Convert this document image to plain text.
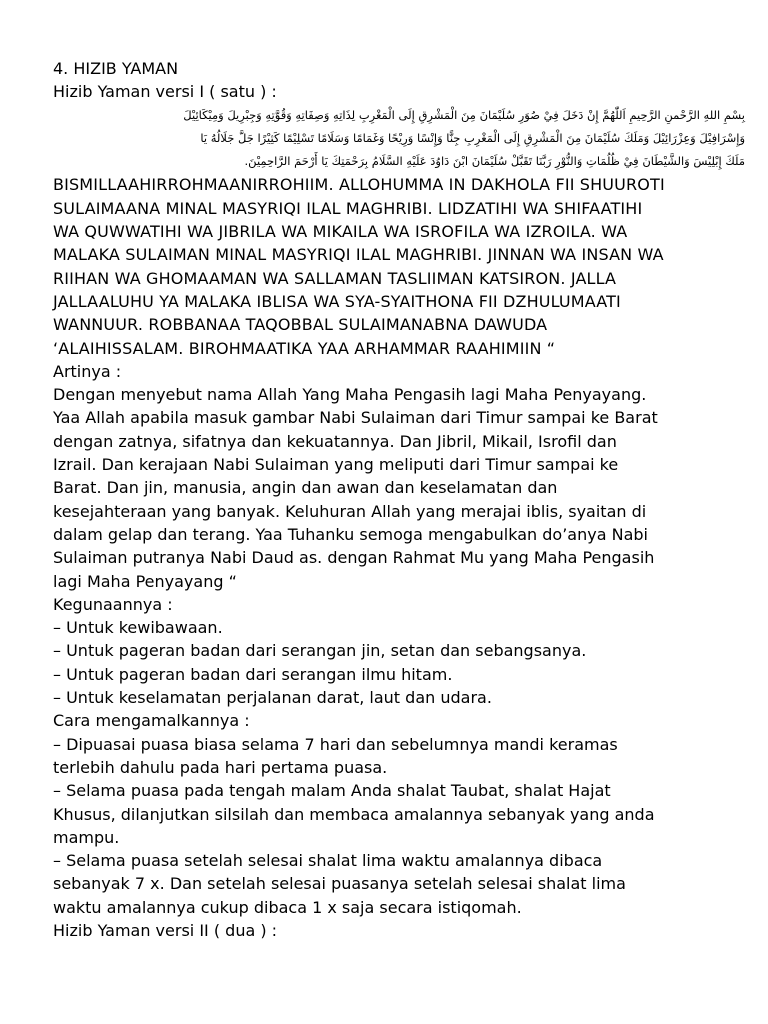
4. HIZIB YAMAN
Hizib Yaman versi I ( satu ) :
بِسْمِ اللهِ الرَّحْمنِ الرَّحِيمِ اَللّٰهُمَّ إِنْ دَخَلَ فِيْ صُوَرِ سُلَيْمَانَ مِنَ الْمَشْرِقِ إِلَى الْمَغْرِبِ لِذَاتِهِ وَصِفَاتِهِ وَقُوَّتِهِ وَجِبْرِيلَ وَمِيْكَائِيْلَ
وَإِسْرَافِيْلَ وَعِزْرَائِيْلَ وَمَلَكَ سُلَيْمَانَ مِنَ الْمَشْرِقِ إِلَى الْمَغْرِبِ جِنًّا وَإِنْسًا وَرِيْحًا وَغَمَامًا وَسَلَامًا تَسْلِيْمًا كَثِيْرًا جَلَّ جَلَالُهُ يَا
مَلَكَ إِبْلِيْسَ وَالشَّيْطَانَ فِيْ ظُلُمَاتِ وَالنُّوْرِ رَبَّنَا تَقَبَّلْ سُلَيْمَانَ ابْنَ دَاوُدَ عَلَيْهِ السَّلَامُ بِرَحْمَتِكَ يَا أَرْحَمَ الرَّاحِمِيْنَ.
BISMILLAAHIRROHMAANIRROHIIM. ALLOHUMMA IN DAKHOLA FII SHUUROTI
SULAIMAANA MINAL MASYRIQI ILAL MAGHRIBI. LIDZATIHI WA SHIFAATIHI
WA QUWWATIHI WA JIBRILA WA MIKAILA WA ISROFILA WA IZROILA. WA
MALAKA SULAIMAN MINAL MASYRIQI ILAL MAGHRIBI. JINNAN WA INSAN WA
RIIHAN WA GHOMAAMAN WA SALLAMAN TASLIIMAN KATSIRON. JALLA
JALLAALUHU YA MALAKA IBLISA WA SYA-SYAITHONA FII DZHULUMAATI
WANNUUR. ROBBANAA TAQOBBAL SULAIMANABNA DAWUDA
‘ALAIHISSALAM. BIROHMAATIKA YAA ARHAMMAR RAAHIMIIN “
Artinya :
Dengan menyebut nama Allah Yang Maha Pengasih lagi Maha Penyayang.
Yaa Allah apabila masuk gambar Nabi Sulaiman dari Timur sampai ke Barat
dengan zatnya, sifatnya dan kekuatannya. Dan Jibril, Mikail, Isrofil dan
Izrail. Dan kerajaan Nabi Sulaiman yang meliputi dari Timur sampai ke
Barat. Dan jin, manusia, angin dan awan dan keselamatan dan
kesejahteraan yang banyak. Keluhuran Allah yang merajai iblis, syaitan di
dalam gelap dan terang. Yaa Tuhanku semoga mengabulkan do’anya Nabi
Sulaiman putranya Nabi Daud as. dengan Rahmat Mu yang Maha Pengasih
lagi Maha Penyayang “
Kegunaannya :
– Untuk kewibawaan.
– Untuk pageran badan dari serangan jin, setan dan sebangsanya.
– Untuk pageran badan dari serangan ilmu hitam.
– Untuk keselamatan perjalanan darat, laut dan udara.
Cara mengamalkannya :
– Dipuasai puasa biasa selama 7 hari dan sebelumnya mandi keramas
terlebih dahulu pada hari pertama puasa.
– Selama puasa pada tengah malam Anda shalat Taubat, shalat Hajat
Khusus, dilanjutkan silsilah dan membaca amalannya sebanyak yang anda
mampu.
– Selama puasa setelah selesai shalat lima waktu amalannya dibaca
sebanyak 7 x. Dan setelah selesai puasanya setelah selesai shalat lima
waktu amalannya cukup dibaca 1 x saja secara istiqomah.
Hizib Yaman versi II ( dua ) :
